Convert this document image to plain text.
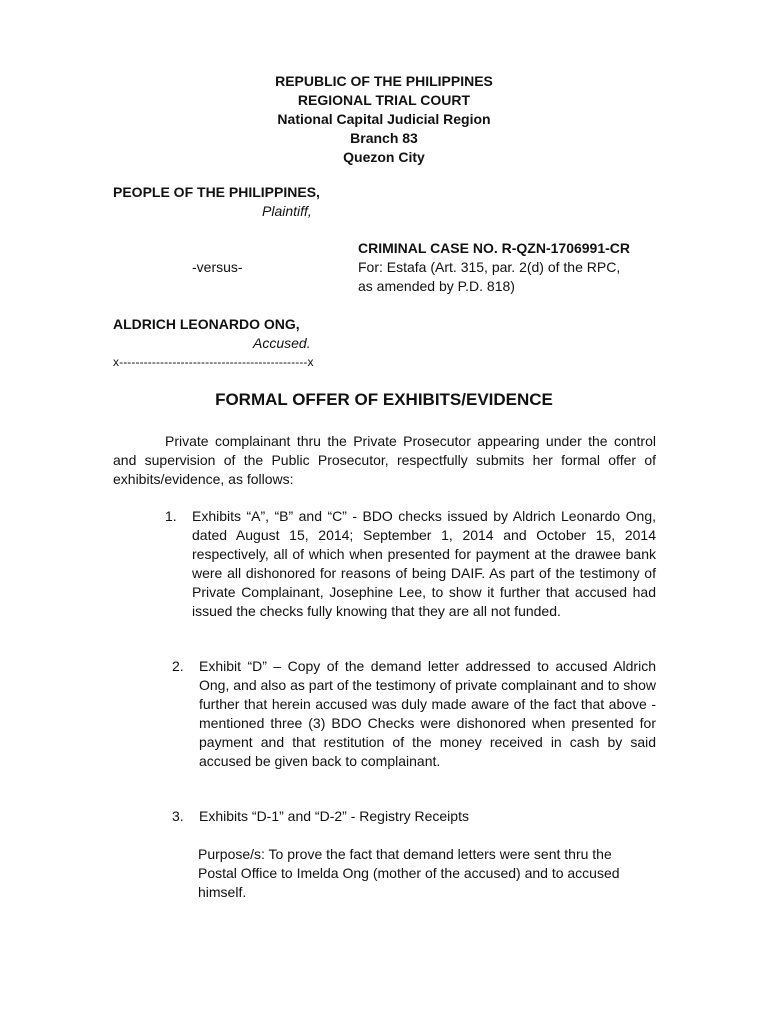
REPUBLIC OF THE PHILIPPINES
REGIONAL TRIAL COURT
National Capital Judicial Region
Branch 83
Quezon City
PEOPLE OF THE PHILIPPINES,
Plaintiff,
CRIMINAL CASE NO. R-QZN-1706991-CR
-versus-	For: Estafa (Art. 315, par. 2(d) of the RPC,
as amended by P.D. 818)
ALDRICH LEONARDO ONG,
Accused.
x----------------------------------------------x
FORMAL OFFER OF EXHIBITS/EVIDENCE
Private complainant thru the Private Prosecutor appearing under the control and supervision of the Public Prosecutor, respectfully submits her formal offer of exhibits/evidence, as follows:
1.	Exhibits “A”, “B” and “C” - BDO checks issued by Aldrich Leonardo Ong, dated August 15, 2014; September 1, 2014 and October 15, 2014 respectively, all of which when presented for payment at the drawee bank were all dishonored for reasons of being DAIF. As part of the testimony of Private Complainant, Josephine Lee, to show it further that accused had issued the checks fully knowing that they are all not funded.
2.	Exhibit “D” – Copy of the demand letter addressed to accused Aldrich Ong, and also as part of the testimony of private complainant and to show further that herein accused was duly made aware of the fact that above - mentioned three (3) BDO Checks were dishonored when presented for payment and that restitution of the money received in cash by said accused be given back to complainant.
3.	Exhibits “D-1” and “D-2” - Registry Receipts
Purpose/s: To prove the fact that demand letters were sent thru the Postal Office to Imelda Ong (mother of the accused) and to accused himself.
